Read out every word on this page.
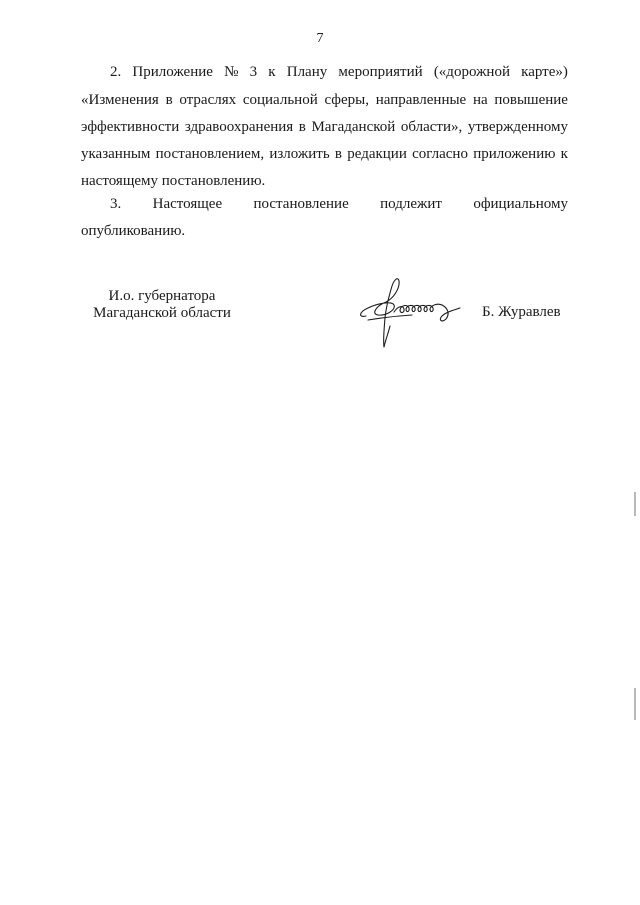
7
2. Приложение № 3 к Плану мероприятий («дорожной карте»)
«Изменения в отраслях социальной сферы, направленные на повышение
эффективности здравоохранения в Магаданской области», утвержденному
указанным постановлением, изложить в редакции согласно приложению к
настоящему постановлению.
3. Настоящее постановление подлежит официальному
опубликованию.
И.о. губернатора
Магаданской области	Б. Журавлев
